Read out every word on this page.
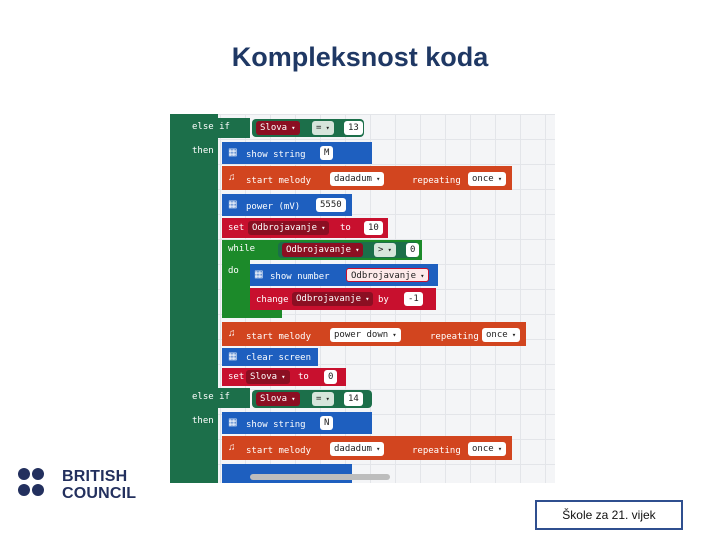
Kompleksnost koda
else if
then
Slova ▾	= ▾	13
▦ show string	M
♫ start melody	dadadum ▾	repeating	once ▾
▦ power (mV)	5550
set Odbrojavanje ▾	to	10
while	Odbrojavanje ▾	> ▾	0
do ▦ show number	Odbrojavanje ▾
change Odbrojavanje ▾	by	-1
♫ start melody	power down ▾	repeating once ▾
▦ clear screen
set Slova ▾	to	0
else if	Slova ▾	= ▾	14
then ▦ show string	N
♫ start melody	dadadum ▾	repeating	once ▾
BRITISH
COUNCIL
Škole za 21. vijek
